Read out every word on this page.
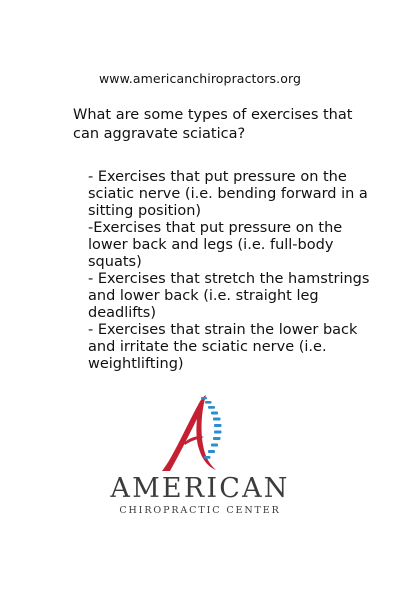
www.americanchiropractors.org
What are some types of exercises that can aggravate sciatica?

- Exercises that put pressure on the sciatic nerve (i.e. bending forward in a sitting position)

-Exercises that put pressure on the lower back and legs (i.e. full-body squats)

- Exercises that stretch the hamstrings and lower back (i.e. straight leg deadlifts)

- Exercises that strain the lower back and irritate the sciatic nerve (i.e. weightlifting)

AMERICAN
CHIROPRACTIC CENTER
